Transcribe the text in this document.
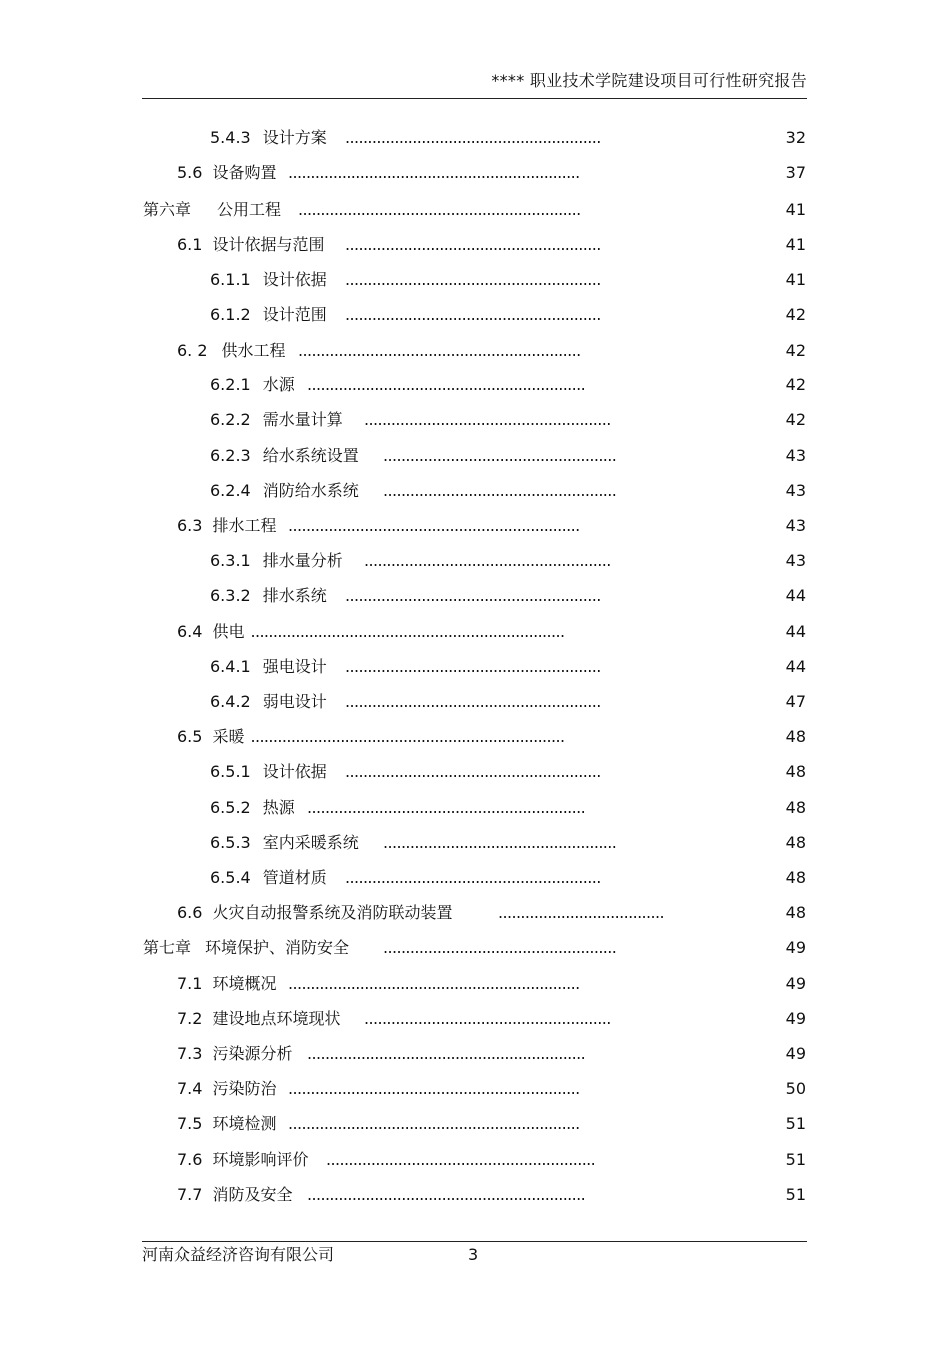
**** 职业技术学院建设项目可行性研究报告
5.4.3 设计方案 .........................................................	32
5.6 设备购置 .................................................................	37
第六章 公用工程 ...............................................................	41
6.1 设计依据与范围 .........................................................	41
6.1.1 设计依据 .........................................................	41
6.1.2 设计范围 .........................................................	42
6. 2 供水工程 ...............................................................	42
6.2.1 水源 ..............................................................	42
6.2.2 需水量计算 .......................................................	42
6.2.3 给水系统设置 ....................................................	43
6.2.4 消防给水系统 ....................................................	43
6.3 排水工程 .................................................................	43
6.3.1 排水量分析 .......................................................	43
6.3.2 排水系统 .........................................................	44
6.4 供电 ......................................................................	44
6.4.1 强电设计 .........................................................	44
6.4.2 弱电设计 .........................................................	47
6.5 采暖 ......................................................................	48
6.5.1 设计依据 .........................................................	48
6.5.2 热源 ..............................................................	48
6.5.3 室内采暖系统 ....................................................	48
6.5.4 管道材质 .........................................................	48
6.6 火灾自动报警系统及消防联动装置	.....................................	48
第七章 环境保护、消防安全 ....................................................	49
7.1 环境概况 .................................................................	49
7.2 建设地点环境现状 .......................................................	49
7.3 污染源分析 ..............................................................	49
7.4 污染防治 .................................................................	50
7.5 环境检测 .................................................................	51
7.6 环境影响评价 ............................................................	51
7.7 消防及安全 ..............................................................	51
河南众益经济咨询有限公司	3
